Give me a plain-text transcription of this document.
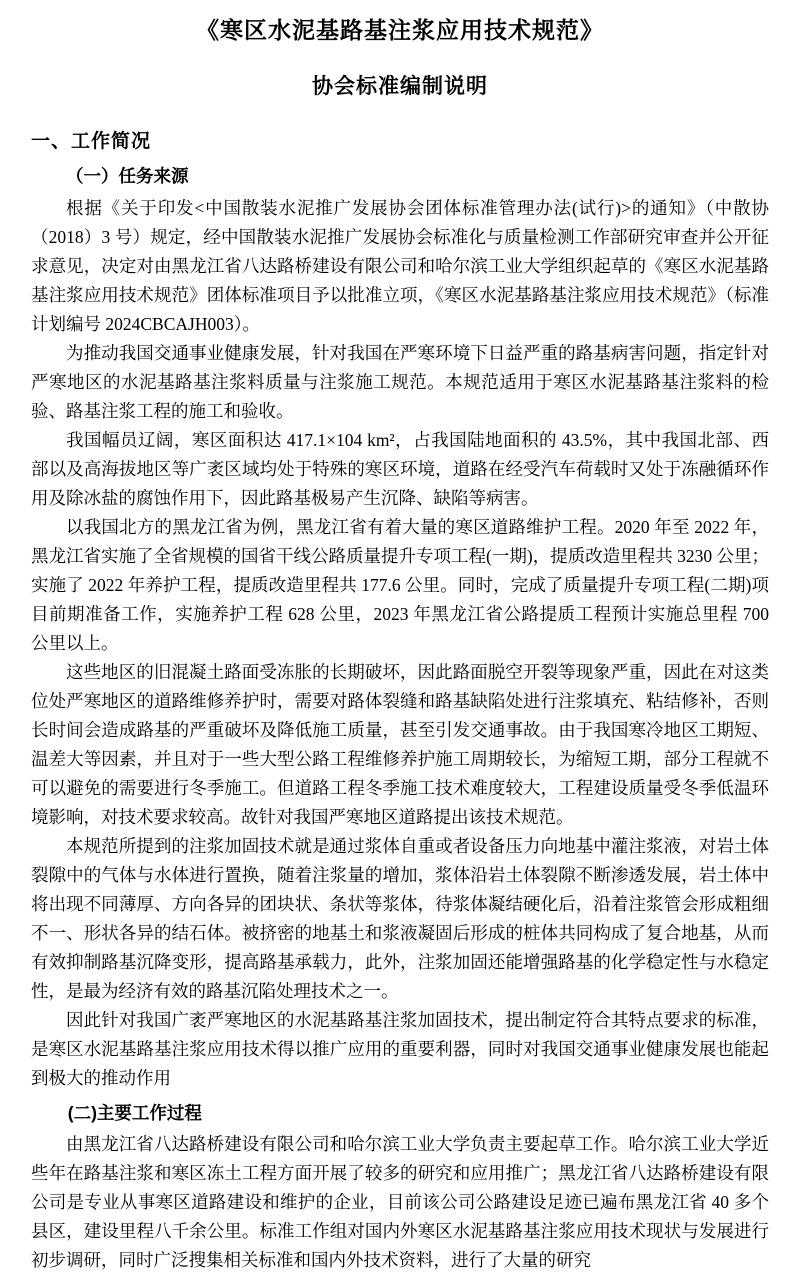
《寒区水泥基路基注浆应用技术规范》
协会标准编制说明
一、工作简况
（一）任务来源

根据《关于印发<中国散装水泥推广发展协会团体标准管理办法(试行)>的通知》（中散协（2018）3 号）规定，经中国散装水泥推广发展协会标准化与质量检测工作部研究审查并公开征求意见，决定对由黑龙江省八达路桥建设有限公司和哈尔滨工业大学组织起草的《寒区水泥基路基注浆应用技术规范》团体标准项目予以批准立项，《寒区水泥基路基注浆应用技术规范》（标准计划编号 2024CBCAJH003）。

为推动我国交通事业健康发展，针对我国在严寒环境下日益严重的路基病害问题，指定针对严寒地区的水泥基路基注浆料质量与注浆施工规范。本规范适用于寒区水泥基路基注浆料的检验、路基注浆工程的施工和验收。

我国幅员辽阔，寒区面积达 417.1×104 km²，占我国陆地面积的 43.5%，其中我国北部、西部以及高海拔地区等广袤区域均处于特殊的寒区环境，道路在经受汽车荷载时又处于冻融循环作用及除冰盐的腐蚀作用下，因此路基极易产生沉降、缺陷等病害。

以我国北方的黑龙江省为例，黑龙江省有着大量的寒区道路维护工程。2020 年至 2022 年，黑龙江省实施了全省规模的国省干线公路质量提升专项工程(一期)，提质改造里程共 3230 公里；实施了 2022 年养护工程，提质改造里程共 177.6 公里。同时，完成了质量提升专项工程(二期)项目前期准备工作，实施养护工程 628 公里，2023 年黑龙江省公路提质工程预计实施总里程 700 公里以上。

这些地区的旧混凝土路面受冻胀的长期破坏，因此路面脱空开裂等现象严重，因此在对这类位处严寒地区的道路维修养护时，需要对路体裂缝和路基缺陷处进行注浆填充、粘结修补，否则长时间会造成路基的严重破坏及降低施工质量，甚至引发交通事故。由于我国寒冷地区工期短、温差大等因素，并且对于一些大型公路工程维修养护施工周期较长，为缩短工期，部分工程就不可以避免的需要进行冬季施工。但道路工程冬季施工技术难度较大，工程建设质量受冬季低温环境影响，对技术要求较高。故针对我国严寒地区道路提出该技术规范。

本规范所提到的注浆加固技术就是通过浆体自重或者设备压力向地基中灌注浆液，对岩土体裂隙中的气体与水体进行置换，随着注浆量的增加，浆体沿岩土体裂隙不断渗透发展，岩土体中将出现不同薄厚、方向各异的团块状、条状等浆体，待浆体凝结硬化后，沿着注浆管会形成粗细不一、形状各异的结石体。被挤密的地基土和浆液凝固后形成的桩体共同构成了复合地基，从而有效抑制路基沉降变形，提高路基承载力，此外，注浆加固还能增强路基的化学稳定性与水稳定性，是最为经济有效的路基沉陷处理技术之一。

因此针对我国广袤严寒地区的水泥基路基注浆加固技术，提出制定符合其特点要求的标准，是寒区水泥基路基注浆应用技术得以推广应用的重要利器，同时对我国交通事业健康发展也能起到极大的推动作用

(二)主要工作过程

由黑龙江省八达路桥建设有限公司和哈尔滨工业大学负责主要起草工作。哈尔滨工业大学近些年在路基注浆和寒区冻土工程方面开展了较多的研究和应用推广；黑龙江省八达路桥建设有限公司是专业从事寒区道路建设和维护的企业，目前该公司公路建设足迹已遍布黑龙江省 40 多个县区，建设里程八千余公里。标准工作组对国内外寒区水泥基路基注浆应用技术现状与发展进行初步调研，同时广泛搜集相关标准和国内外技术资料，进行了大量的研究
